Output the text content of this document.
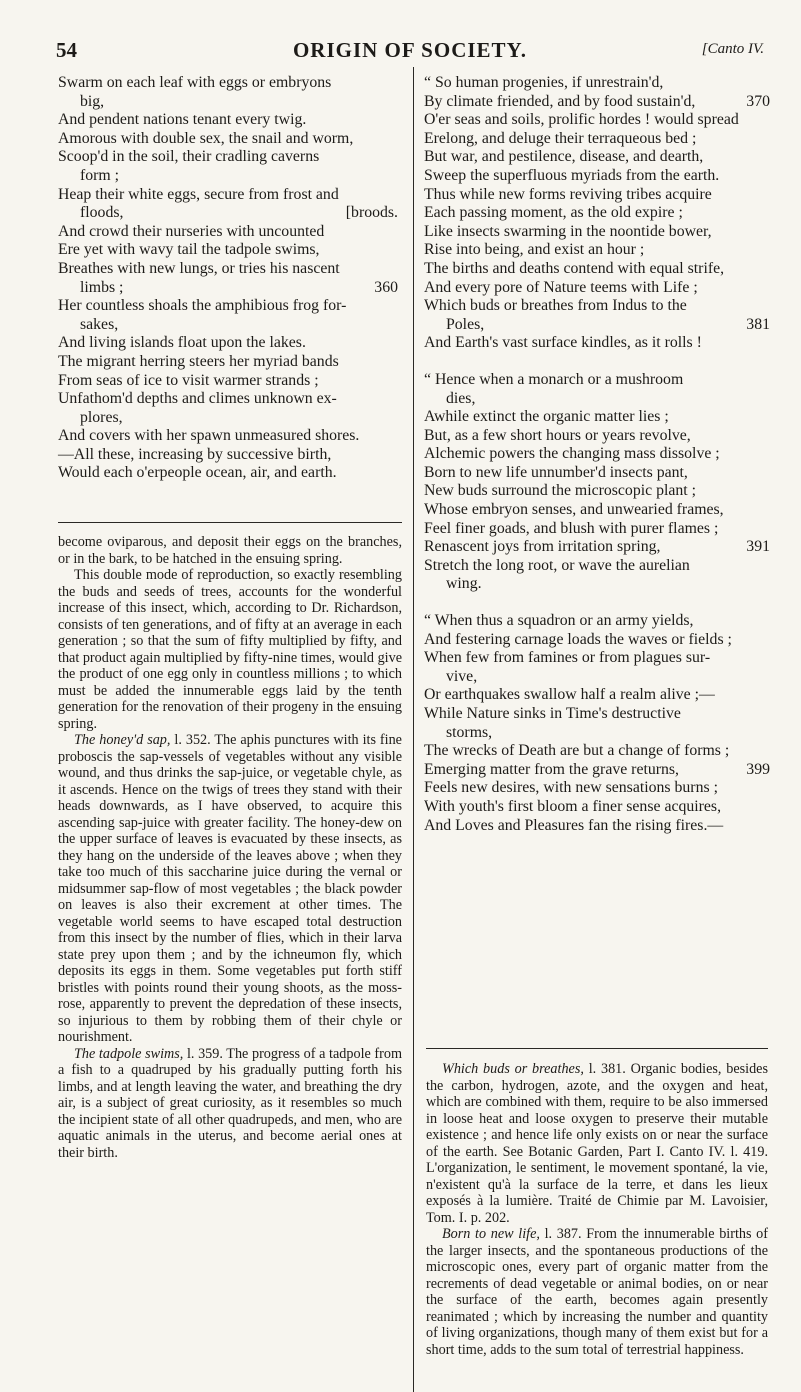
54	ORIGIN OF SOCIETY.	[Canto IV.
Swarm on each leaf with eggs or embryons
big,
And pendent nations tenant every twig.
Amorous with double sex, the snail and worm,
Scoop'd in the soil, their cradling caverns
form ;
Heap their white eggs, secure from frost and
floods,	[broods.
And crowd their nurseries with uncounted
Ere yet with wavy tail the tadpole swims,
Breathes with new lungs, or tries his nascent
limbs ;	360
Her countless shoals the amphibious frog for-
sakes,
And living islands float upon the lakes.
The migrant herring steers her myriad bands
From seas of ice to visit warmer strands ;
Unfathom'd depths and climes unknown ex-
plores,
And covers with her spawn unmeasured shores.
—All these, increasing by successive birth,
Would each o'erpeople ocean, air, and earth.
“ So human progenies, if unrestrain'd,
By climate friended, and by food sustain'd,	370
O'er seas and soils, prolific hordes ! would spread
Erelong, and deluge their terraqueous bed ;
But war, and pestilence, disease, and dearth,
Sweep the superfluous myriads from the earth.
Thus while new forms reviving tribes acquire
Each passing moment, as the old expire ;
Like insects swarming in the noontide bower,
Rise into being, and exist an hour ;
The births and deaths contend with equal strife,
And every pore of Nature teems with Life ;
Which buds or breathes from Indus to the
Poles,	381
And Earth's vast surface kindles, as it rolls !
“ Hence when a monarch or a mushroom
dies,
Awhile extinct the organic matter lies ;
But, as a few short hours or years revolve,
Alchemic powers the changing mass dissolve ;
Born to new life unnumber'd insects pant,
New buds surround the microscopic plant ;
Whose embryon senses, and unwearied frames,
Feel finer goads, and blush with purer flames ;
Renascent joys from irritation spring,	391
Stretch the long root, or wave the aurelian
wing.
“ When thus a squadron or an army yields,
And festering carnage loads the waves or fields ;
When few from famines or from plagues sur-
vive,
Or earthquakes swallow half a realm alive ;—
While Nature sinks in Time's destructive
storms,
The wrecks of Death are but a change of forms ;
Emerging matter from the grave returns,	399
Feels new desires, with new sensations burns ;
With youth's first bloom a finer sense acquires,
And Loves and Pleasures fan the rising fires.—

become oviparous, and deposit their eggs on the branches, or in the bark, to be hatched in the ensuing spring.

This double mode of reproduction, so exactly resembling the buds and seeds of trees, accounts for the wonderful increase of this insect, which, according to Dr. Richardson, consists of ten generations, and of fifty at an average in each generation ; so that the sum of fifty multiplied by fifty, and that product again multiplied by fifty-nine times, would give the product of one egg only in countless millions ; to which must be added the innumerable eggs laid by the tenth generation for the renovation of their progeny in the ensuing spring.

The honey'd sap, l. 352. The aphis punctures with its fine proboscis the sap-vessels of vegetables without any visible wound, and thus drinks the sap-juice, or vegetable chyle, as it ascends. Hence on the twigs of trees they stand with their heads downwards, as I have observed, to acquire this ascending sap-juice with greater facility. The honey-dew on the upper surface of leaves is evacuated by these insects, as they hang on the underside of the leaves above ; when they take too much of this saccharine juice during the vernal or midsummer sap-flow of most vegetables ; the black powder on leaves is also their excrement at other times. The vegetable world seems to have escaped total destruction from this insect by the number of flies, which in their larva state prey upon them ; and by the ichneumon fly, which deposits its eggs in them. Some vegetables put forth stiff bristles with points round their young shoots, as the moss-rose, apparently to prevent the depredation of these insects, so injurious to them by robbing them of their chyle or nourishment.

The tadpole swims, l. 359. The progress of a tadpole from a fish to a quadruped by his gradually putting forth his limbs, and at length leaving the water, and breathing the dry air, is a subject of great curiosity, as it resembles so much the incipient state of all other quadrupeds, and men, who are aquatic animals in the uterus, and become aerial ones at their birth.

Which buds or breathes, l. 381. Organic bodies, besides the carbon, hydrogen, azote, and the oxygen and heat, which are combined with them, require to be also immersed in loose heat and loose oxygen to preserve their mutable existence ; and hence life only exists on or near the surface of the earth. See Botanic Garden, Part I. Canto IV. l. 419. L'organization, le sentiment, le movement spontané, la vie, n'existent qu'à la surface de la terre, et dans les lieux exposés à la lumière. Traité de Chimie par M. Lavoisier, Tom. I. p. 202.

Born to new life, l. 387. From the innumerable births of the larger insects, and the spontaneous productions of the microscopic ones, every part of organic matter from the recrements of dead vegetable or animal bodies, on or near the surface of the earth, becomes again presently reanimated ; which by increasing the number and quantity of living organizations, though many of them exist but for a short time, adds to the sum total of terrestrial happiness.
